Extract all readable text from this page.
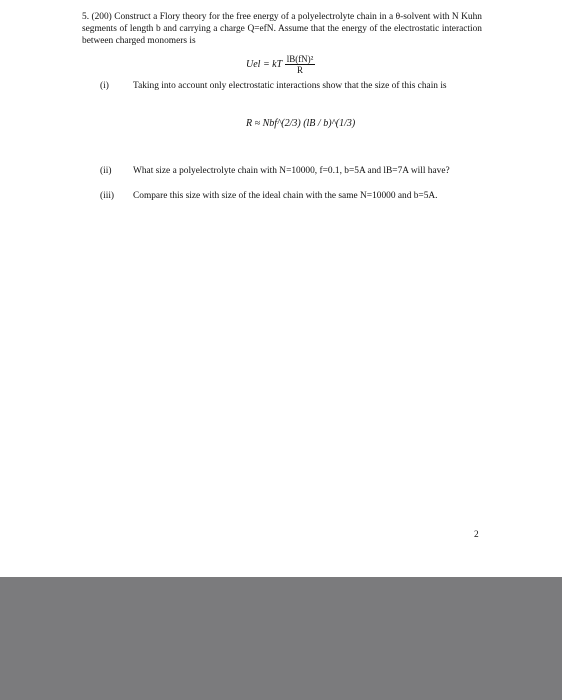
5. (200) Construct a Flory theory for the free energy of a polyelectrolyte chain in a θ-solvent with N Kuhn segments of length b and carrying a charge Q=efN. Assume that the energy of the electrostatic interaction between charged monomers is
Uel = kT $\frac{\text{lB(fN)²}}{R}$
(i)	Taking into account only electrostatic interactions show that the size of this chain is
R ≈ Nbf^(2/3) (lB / b)^(1/3)
(ii)	What size a polyelectrolyte chain with N=10000, f=0.1, b=5A and lB=7A will have?
(iii)	Compare this size with size of the ideal chain with the same N=10000 and b=5A.
2
